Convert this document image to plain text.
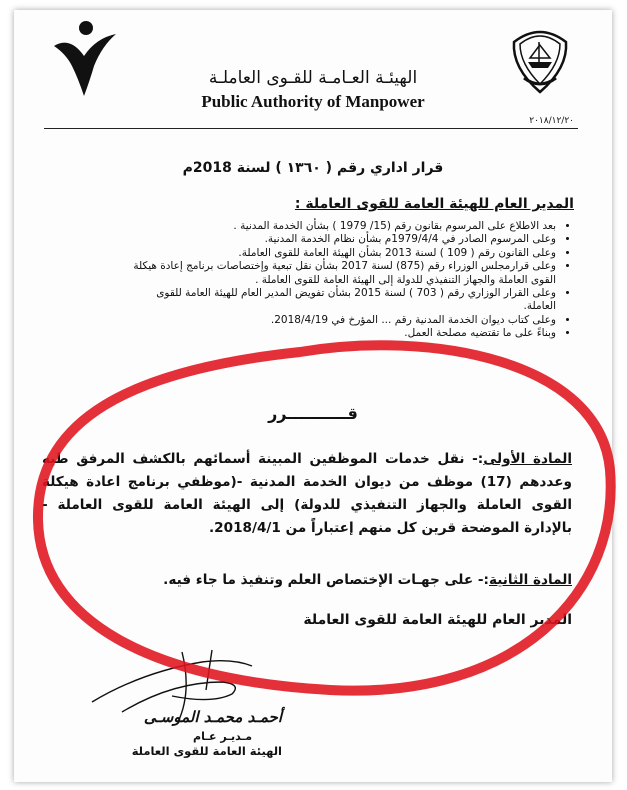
الهيئـة العـامـة للقـوى العاملـة
Public Authority of Manpower
٢٠١٨/١٢/٢٠
قرار اداري رقم ( ١٣٦٠ ) لسنة 2018م
المدير العام للهيئة العامة للقوى العاملة :
• بعد الاطلاع على المرسوم بقانون رقم (15/ 1979 ) بشأن الخدمة المدنية .
• وعلى المرسوم الصادر في 1979/4/4م بشأن نظام الخدمة المدنية.
• وعلى القانون رقم ( 109 ) لسنة 2013 بشأن الهيئة العامة للقوى العاملة.
• وعلى قرارمجلس الوزراء رقم (875) لسنة 2017 بشأن نقل تبعية وإختصاصات برنامج إعادة هيكلة القوى العاملة والجهاز التنفيذي للدولة إلى الهيئة العامة للقوى العاملة .
• وعلى القرار الوزاري رقم ( 703 ) لسنة 2015 بشأن تفويض المدير العام للهيئة العامة للقوى العاملة.
• وعلى كتاب ديوان الخدمة المدنية رقم ... المؤرخ في 2018/4/19.
• وبناءً على ما تقتضيه مصلحة العمل.
قـــــــــــرر
المادة الأولى:- نقل خدمات الموظفين المبينة أسمائهم بالكشف المرفق طيه وعددهم (17) موظف من ديوان الخدمة المدنية -(موظفي برنامج اعادة هيكلة القوى العاملة والجهاز التنفيذي للدولة) إلى الهيئة العامة للقوى العاملة - بالإدارة الموضحة قرين كل منهم إعتباراً من 2018/4/1.
المادة الثانية:- على جهـات الإختصاص العلم وتنفيذ ما جاء فيه.
المدير العام للهيئة العامة للقوى العاملة
أحمـد محمـد الموسـى
مـديـر عـام
الهيئة العامة للقوى العاملة
